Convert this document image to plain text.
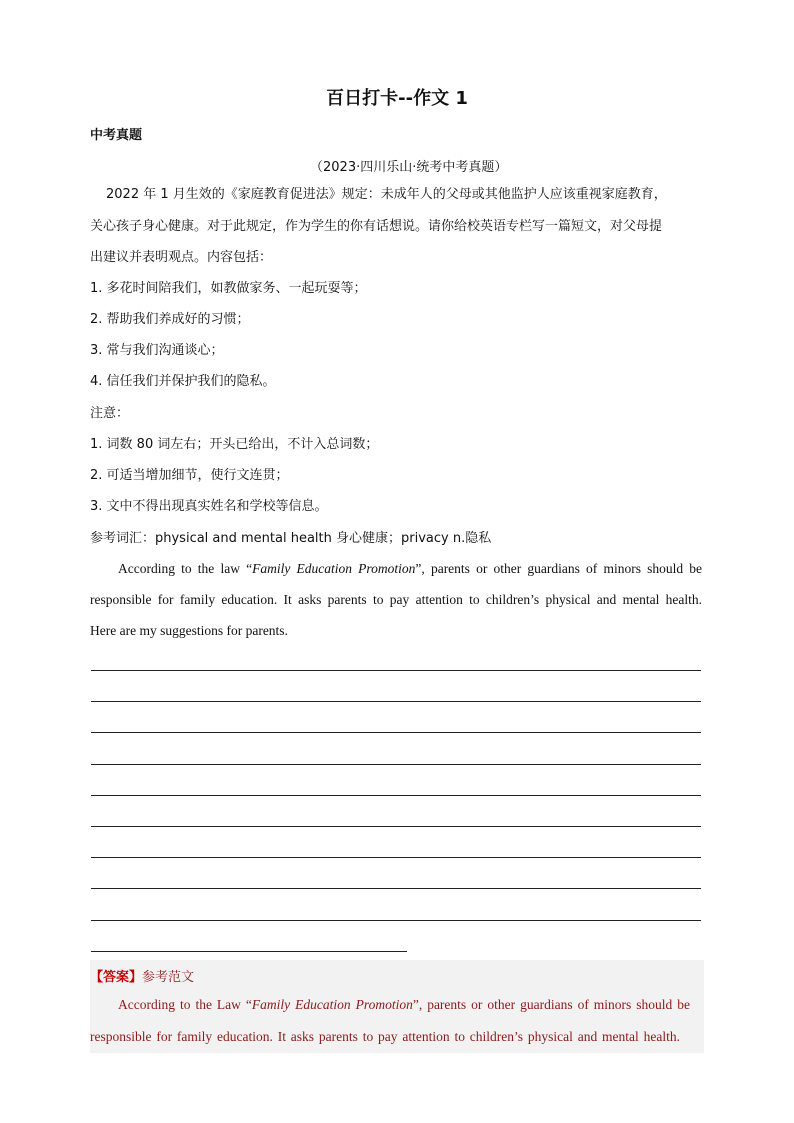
百日打卡--作文 1
中考真题
（2023·四川乐山·统考中考真题）
2022 年 1 月生效的《家庭教育促进法》规定：未成年人的父母或其他监护人应该重视家庭教育，
关心孩子身心健康。对于此规定，作为学生的你有话想说。请你给校英语专栏写一篇短文，对父母提
出建议并表明观点。内容包括：
1. 多花时间陪我们，如教做家务、一起玩耍等；
2. 帮助我们养成好的习惯；
3. 常与我们沟通谈心；
4. 信任我们并保护我们的隐私。
注意：
1. 词数 80 词左右；开头已给出，不计入总词数；
2. 可适当增加细节，使行文连贯；
3. 文中不得出现真实姓名和学校等信息。
参考词汇：physical and mental health 身心健康；privacy n.隐私
According to the law “Family Education Promotion”, parents or other guardians of minors should be
responsible for family education. It asks parents to pay attention to children’s physical and mental health.
Here are my suggestions for parents.
【答案】参考范文
According to the Law “Family Education Promotion”, parents or other guardians of minors should be
responsible for family education. It asks parents to pay attention to children’s physical and mental health.
